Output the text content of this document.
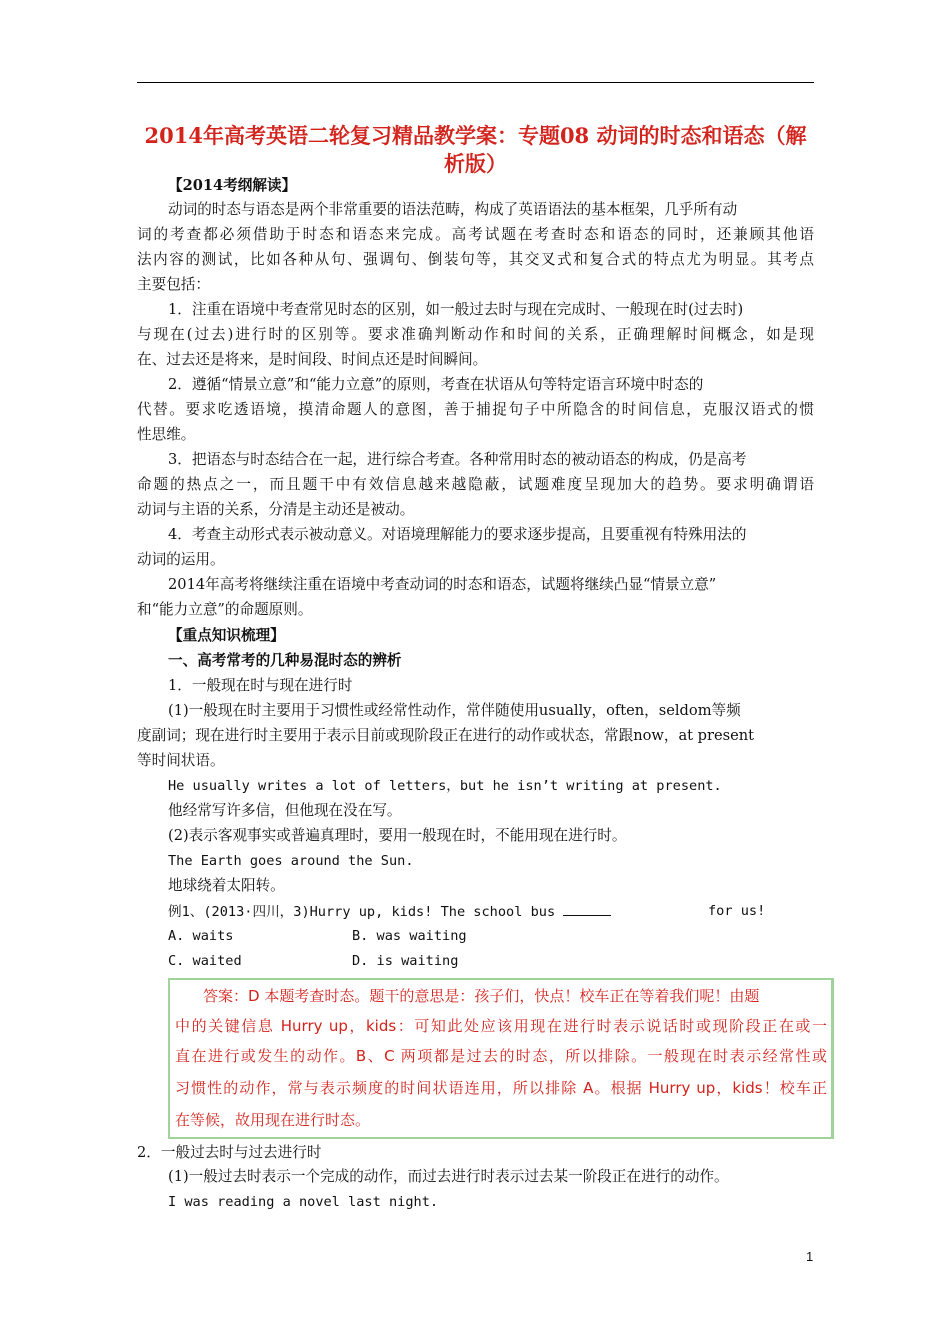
2014年高考英语二轮复习精品教学案：专题08 动词的时态和语态（解析版）
【2014考纲解读】
动词的时态与语态是两个非常重要的语法范畴，构成了英语语法的基本框架，几乎所有动
词的考查都必须借助于时态和语态来完成。高考试题在考查时态和语态的同时，还兼顾其他语
法内容的测试，比如各种从句、强调句、倒装句等，其交叉式和复合式的特点尤为明显。其考点
主要包括：
1．注重在语境中考查常见时态的区别，如一般过去时与现在完成时、一般现在时(过去时)
与现在(过去)进行时的区别等。要求准确判断动作和时间的关系，正确理解时间概念，如是现
在、过去还是将来，是时间段、时间点还是时间瞬间。
2．遵循“情景立意”和“能力立意”的原则，考查在状语从句等特定语言环境中时态的
代替。要求吃透语境，摸清命题人的意图，善于捕捉句子中所隐含的时间信息，克服汉语式的惯
性思维。
3．把语态与时态结合在一起，进行综合考查。各种常用时态的被动语态的构成，仍是高考
命题的热点之一，而且题干中有效信息越来越隐蔽，试题难度呈现加大的趋势。要求明确谓语
动词与主语的关系，分清是主动还是被动。
4．考查主动形式表示被动意义。对语境理解能力的要求逐步提高，且要重视有特殊用法的
动词的运用。
2014年高考将继续注重在语境中考查动词的时态和语态，试题将继续凸显“情景立意”
和“能力立意”的命题原则。
【重点知识梳理】
一、高考常考的几种易混时态的辨析
1．一般现在时与现在进行时
(1)一般现在时主要用于习惯性或经常性动作，常伴随使用usually，often，seldom等频
度副词；现在进行时主要用于表示目前或现阶段正在进行的动作或状态，常跟now，at present
等时间状语。
He usually writes a lot of letters，but he isn’t writing at present.
他经常写许多信，但他现在没在写。
(2)表示客观事实或普遍真理时，要用一般现在时，不能用现在进行时。
The Earth goes around the Sun.
地球绕着太阳转。
例1、(2013·四川，3)Hurry up, kids! The school bus	for us!
A. waits	B. was waiting
C. waited	D. is waiting
答案：D 本题考查时态。题干的意思是：孩子们，快点！校车正在等着我们呢！由题
中的关键信息 Hurry up，kids：可知此处应该用现在进行时表示说话时或现阶段正在或一
直在进行或发生的动作。B、C 两项都是过去的时态，所以排除。一般现在时表示经常性或
习惯性的动作，常与表示频度的时间状语连用，所以排除 A。根据 Hurry up，kids！校车正
在等候，故用现在进行时态。
2．一般过去时与过去进行时
(1)一般过去时表示一个完成的动作，而过去进行时表示过去某一阶段正在进行的动作。
I was reading a novel last night.
1
